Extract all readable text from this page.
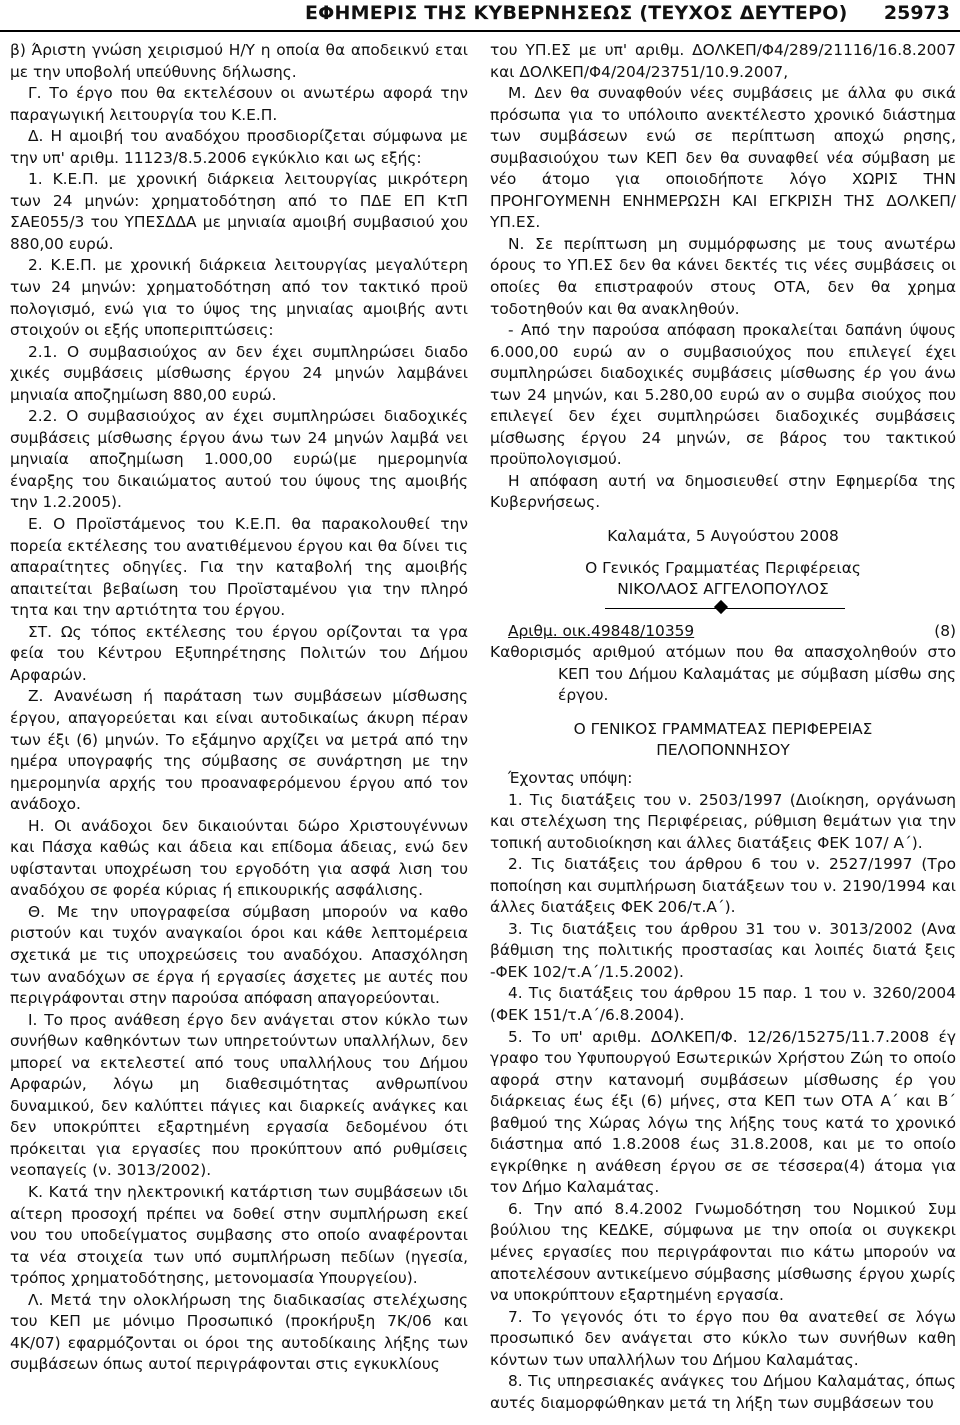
ΕΦΗΜΕΡΙΣ ΤΗΣ ΚΥΒΕΡΝΗΣΕΩΣ (ΤΕΥΧΟΣ ΔΕΥΤΕΡΟ) 25973

β) Άριστη γνώση χειρισμού Η/Υ η οποία θα αποδεικνύ εται με την υποβολή υπεύθυνης δήλωσης.

Γ. Το έργο που θα εκτελέσουν οι ανωτέρω αφορά την παραγωγική λειτουργία του Κ.Ε.Π.

Δ. Η αμοιβή του αναδόχου προσδιορίζεται σύμφωνα με την υπ' αριθμ. 11123/8.5.2006 εγκύκλιο και ως εξής:

1. Κ.Ε.Π. με χρονική διάρκεια λειτουργίας μικρότερη των 24 μηνών: χρηματοδότηση από το ΠΔΕ ΕΠ ΚτΠ ΣΑΕ055/3 του ΥΠΕΣΔΔΑ με μηνιαία αμοιβή συμβασιού χου 880,00 ευρώ.

2. Κ.Ε.Π. με χρονική διάρκεια λειτουργίας μεγαλύτερη των 24 μηνών: χρηματοδότηση από τον τακτικό προϋ πολογισμό, ενώ για το ύψος της μηνιαίας αμοιβής αντι στοιχούν οι εξής υποπεριπτώσεις:

2.1. Ο συμβασιούχος αν δεν έχει συμπληρώσει διαδο χικές συμβάσεις μίσθωσης έργου 24 μηνών λαμβάνει μηνιαία αποζημίωση 880,00 ευρώ.

2.2. Ο συμβασιούχος αν έχει συμπληρώσει διαδοχικές συμβάσεις μίσθωσης έργου άνω των 24 μηνών λαμβά νει μηνιαία αποζημίωση 1.000,00 ευρώ(με ημερομηνία έναρξης του δικαιώματος αυτού του ύψους της αμοιβής την 1.2.2005).

Ε. Ο Προϊστάμενος του Κ.Ε.Π. θα παρακολουθεί την πορεία εκτέλεσης του ανατιθέμενου έργου και θα δίνει τις απαραίτητες οδηγίες. Για την καταβολή της αμοιβής απαιτείται βεβαίωση του Προϊσταμένου για την πληρό τητα και την αρτιότητα του έργου.

ΣΤ. Ως τόπος εκτέλεσης του έργου ορίζονται τα γρα φεία του Κέντρου Εξυπηρέτησης Πολιτών του Δήμου Αρφαρών.

Ζ. Ανανέωση ή παράταση των συμβάσεων μίσθωσης έργου, απαγορεύεται και είναι αυτοδικαίως άκυρη πέραν των έξι (6) μηνών. Το εξάμηνο αρχίζει να μετρά από την ημέρα υπογραφής της σύμβασης σε συνάρτηση με την ημερομηνία αρχής του προαναφερόμενου έργου από τον ανάδοχο.

Η. Οι ανάδοχοι δεν δικαιούνται δώρο Χριστουγέννων και Πάσχα καθώς και άδεια και επίδομα άδειας, ενώ δεν υφίστανται υποχρέωση του εργοδότη για ασφά λιση του αναδόχου σε φορέα κύριας ή επικουρικής ασφάλισης.

Θ. Με την υπογραφείσα σύμβαση μπορούν να καθο ριστούν και τυχόν αναγκαίοι όροι και κάθε λεπτομέρεια σχετικά με τις υποχρεώσεις του αναδόχου. Απασχόληση των αναδόχων σε έργα ή εργασίες άσχετες με αυτές που περιγράφονται στην παρούσα απόφαση απαγορεύονται.

Ι. Το προς ανάθεση έργο δεν ανάγεται στον κύκλο των συνήθων καθηκόντων των υπηρετούντων υπαλλήλων, δεν μπορεί να εκτελεστεί από τους υπαλλήλους του Δήμου Αρφαρών, λόγω μη διαθεσιμότητας ανθρωπίνου δυναμικού, δεν καλύπτει πάγιες και διαρκείς ανάγκες και δεν υποκρύπτει εξαρτημένη εργασία δεδομένου ότι πρόκειται για εργασίες που προκύπτουν από ρυθμίσεις νεοπαγείς (ν. 3013/2002).

Κ. Κατά την ηλεκτρονική κατάρτιση των συμβάσεων ιδι αίτερη προσοχή πρέπει να δοθεί στην συμπλήρωση εκεί νου του υποδείγματος συμβασης στο οποίο αναφέρονται τα νέα στοιχεία των υπό συμπλήρωση πεδίων (ηγεσία, τρόπος χρηματοδότησης, μετονομασία Υπουργείου).

Λ. Μετά την ολοκλήρωση της διαδικασίας στελέχωσης του ΚΕΠ με μόνιμο Προσωπικό (προκήρυξη 7Κ/06 και 4Κ/07) εφαρμόζονται οι όροι της αυτοδίκαιης λήξης των συμβάσεων όπως αυτοί περιγράφονται στις εγκυκλίους

του ΥΠ.ΕΣ με υπ' αριθμ. ΔΟΛΚΕΠ/Φ4/289/21116/16.8.2007 και ΔΟΛΚΕΠ/Φ4/204/23751/10.9.2007,

Μ. Δεν θα συναφθούν νέες συμβάσεις με άλλα φυ σικά πρόσωπα για το υπόλοιπο ανεκτέλεστο χρονικό διάστημα των συμβάσεων ενώ σε περίπτωση αποχώ ρησης, συμβασιούχου των ΚΕΠ δεν θα συναφθεί νέα σύμβαση με νέο άτομο για οποιοδήποτε λόγο ΧΩΡΙΣ ΤΗΝ ΠΡΟΗΓΟΥΜΕΝΗ ΕΝΗΜΕΡΩΣΗ ΚΑΙ ΕΓΚΡΙΣΗ ΤΗΣ ΔΟΛΚΕΠ/ ΥΠ.ΕΣ.

Ν. Σε περίπτωση μη συμμόρφωσης με τους ανωτέρω όρους το ΥΠ.ΕΣ δεν θα κάνει δεκτές τις νέες συμβάσεις οι οποίες θα επιστραφούν στους ΟΤΑ, δεν θα χρημα τοδοτηθούν και θα ανακληθούν.

- Από την παρούσα απόφαση προκαλείται δαπάνη ύψους 6.000,00 ευρώ αν ο συμβασιούχος που επιλεγεί έχει συμπληρώσει διαδοχικές συμβάσεις μίσθωσης έρ γου άνω των 24 μηνών, και 5.280,00 ευρώ αν ο συμβα σιούχος που επιλεγεί δεν έχει συμπληρώσει διαδοχικές συμβάσεις μίσθωσης έργου 24 μηνών, σε βάρος του τακτικού προϋπολογισμού.

Η απόφαση αυτή να δημοσιευθεί στην Εφημερίδα της Κυβερνήσεως.

Καλαμάτα, 5 Αυγούστου 2008

Ο Γενικός Γραμματέας Περιφέρειας

ΝΙΚΟΛΑΟΣ ΑΓΓΕΛΟΠΟΥΛΟΣ

Αριθμ. οικ.49848/10359	(8)

Καθορισμός αριθμού ατόμων που θα απασχοληθούν στο ΚΕΠ του Δήμου Καλαμάτας με σύμβαση μίσθω σης έργου.

Ο ΓΕΝΙΚΟΣ ΓΡΑΜΜΑΤΕΑΣ ΠΕΡΙΦΕΡΕΙΑΣ

ΠΕΛΟΠΟΝΝΗΣΟΥ

Έχοντας υπόψη:

1. Τις διατάξεις του ν. 2503/1997 (Διοίκηση, οργάνωση και στελέχωση της Περιφέρειας, ρύθμιση θεμάτων για την τοπική αυτοδιοίκηση και άλλες διατάξεις ΦΕΚ 107/ Α΄).

2. Τις διατάξεις του άρθρου 6 του ν. 2527/1997 (Τρο ποποίηση και συμπλήρωση διατάξεων του ν. 2190/1994 και άλλες διατάξεις ΦΕΚ 206/τ.Α΄).

3. Τις διατάξεις του άρθρου 31 του ν. 3013/2002 (Ανα βάθμιση της πολιτικής προστασίας και λοιπές διατά ξεις -ΦΕΚ 102/τ.Α΄/1.5.2002).

4. Τις διατάξεις του άρθρου 15 παρ. 1 του ν. 3260/2004 (ΦΕΚ 151/τ.Α΄/6.8.2004).

5. Το υπ' αριθμ. ΔΟΛΚΕΠ/Φ. 12/26/15275/11.7.2008 έγ γραφο του Υφυπουργού Εσωτερικών Χρήστου Ζώη το οποίο αφορά στην κατανομή συμβάσεων μίσθωσης έρ γου διάρκειας έως έξι (6) μήνες, στα ΚΕΠ των ΟΤΑ Α΄ και Β΄ βαθμού της Χώρας λόγω της λήξης τους κατά το χρονικό διάστημα από 1.8.2008 έως 31.8.2008, και με το οποίο εγκρίθηκε η ανάθεση έργου σε σε τέσσερα(4) άτομα για τον Δήμο Καλαμάτας.

6. Την από 8.4.2002 Γνωμοδότηση του Νομικού Συμ βούλιου της ΚΕΔΚΕ, σύμφωνα με την οποία οι συγκεκρι μένες εργασίες που περιγράφονται πιο κάτω μπορούν να αποτελέσουν αντικείμενο σύμβασης μίσθωσης έργου χωρίς να υποκρύπτουν εξαρτημένη εργασία.

7. Το γεγονός ότι το έργο που θα ανατεθεί σε λόγω προσωπικό δεν ανάγεται στο κύκλο των συνήθων καθη κόντων των υπαλλήλων του Δήμου Καλαμάτας.

8. Τις υπηρεσιακές ανάγκες του Δήμου Καλαμάτας, όπως αυτές διαμορφώθηκαν μετά τη λήξη των συμβάσεων του
